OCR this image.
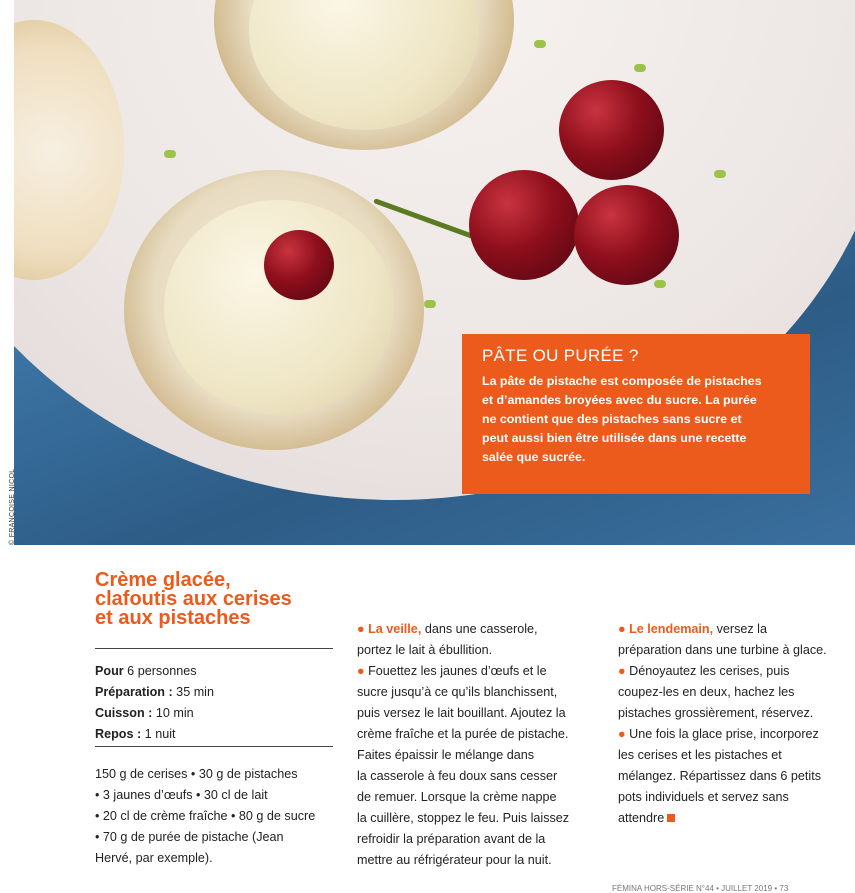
© FRANÇOISE NICOL
PÂTE OU PURÉE ?

La pâte de pistache est composée de pistaches
et d’amandes broyées avec du sucre. La purée
ne contient que des pistaches sans sucre et
peut aussi bien être utilisée dans une recette
salée que sucrée.

Crème glacée,
clafoutis aux cerises
et aux pistaches
Pour 6 personnes
Préparation : 35 min
Cuisson : 10 min
Repos : 1 nuit
150 g de cerises • 30 g de pistaches
• 3 jaunes d’œufs • 30 cl de lait
• 20 cl de crème fraîche • 80 g de sucre
• 70 g de purée de pistache (Jean
Hervé, par exemple).
● La veille, dans une casserole,
portez le lait à ébullition.
● Fouettez les jaunes d’œufs et le
sucre jusqu’à ce qu’ils blanchissent,
puis versez le lait bouillant. Ajoutez la
crème fraîche et la purée de pistache.
Faites épaissir le mélange dans
la casserole à feu doux sans cesser
de remuer. Lorsque la crème nappe
la cuillère, stoppez le feu. Puis laissez
refroidir la préparation avant de la
mettre au réfrigérateur pour la nuit.
● Le lendemain, versez la
préparation dans une turbine à glace.
● Dénoyautez les cerises, puis
coupez-les en deux, hachez les
pistaches grossièrement, réservez.
● Une fois la glace prise, incorporez
les cerises et les pistaches et
mélangez. Répartissez dans 6 petits
pots individuels et servez sans
attendre
FÉMINA HORS-SÉRIE N°44 • JUILLET 2019 • 73
